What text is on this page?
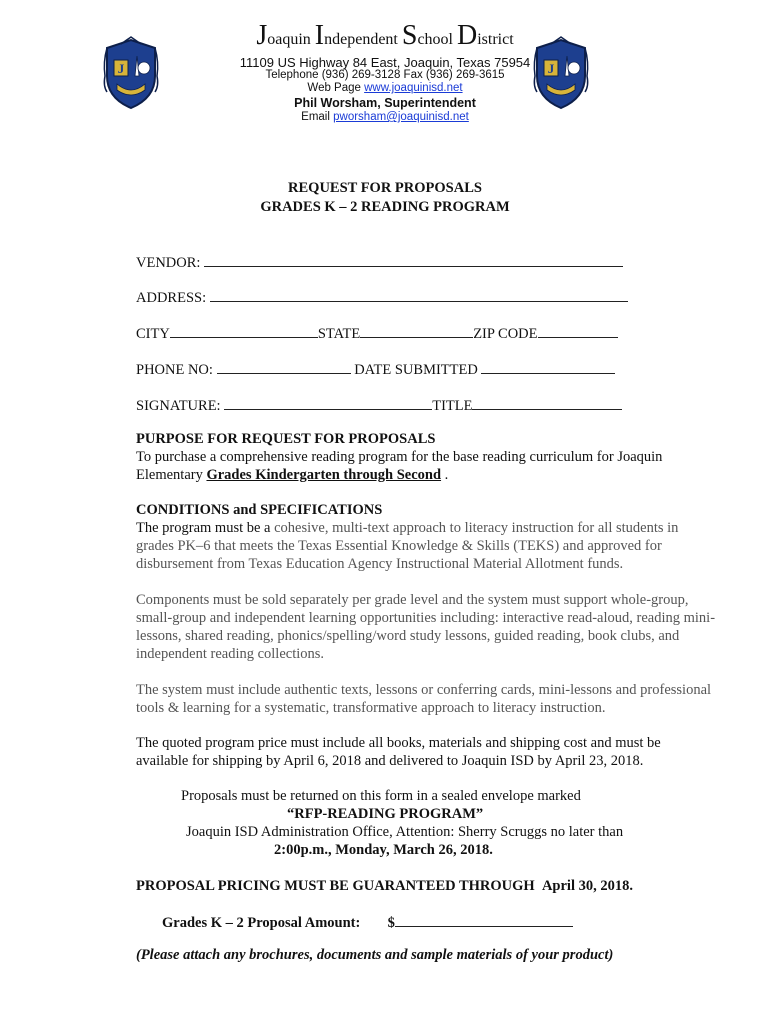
J	J
Joaquin Independent School District
11109 US Highway 84 East, Joaquin, Texas 75954
Telephone (936) 269-3128 Fax (936) 269-3615
Web Page www.joaquinisd.net
Phil Worsham, Superintendent
Email pworsham@joaquinisd.net
REQUEST FOR PROPOSALS
GRADES K – 2 READING PROGRAM
VENDOR:
ADDRESS:
CITY	STATE	ZIP CODE
PHONE NO:	DATE SUBMITTED
SIGNATURE:	TITLE
PURPOSE FOR REQUEST FOR PROPOSALS
To purchase a comprehensive reading program for the base reading curriculum for Joaquin Elementary Grades Kindergarten through Second .
CONDITIONS and SPECIFICATIONS
The program must be a cohesive, multi-text approach to literacy instruction for all students in grades PK–6 that meets the Texas Essential Knowledge & Skills (TEKS) and approved for disbursement from Texas Education Agency Instructional Material Allotment funds.
Components must be sold separately per grade level and the system must support whole-group, small-group and independent learning opportunities including: interactive read-aloud, reading mini-lessons, shared reading, phonics/spelling/word study lessons, guided reading, book clubs, and independent reading collections.
The system must include authentic texts, lessons or conferring cards, mini-lessons and professional tools & learning for a systematic, transformative approach to literacy instruction.
The quoted program price must include all books, materials and shipping cost and must be available for shipping by April 6, 2018 and delivered to Joaquin ISD by April 23, 2018.
Proposals must be returned on this form in a sealed envelope marked
“RFP-READING PROGRAM”
Joaquin ISD Administration Office, Attention: Sherry Scruggs no later than
2:00p.m., Monday, March 26, 2018.
PROPOSAL PRICING MUST BE GUARANTEED THROUGH April 30, 2018.
Grades K – 2 Proposal Amount: $
(Please attach any brochures, documents and sample materials of your product)
